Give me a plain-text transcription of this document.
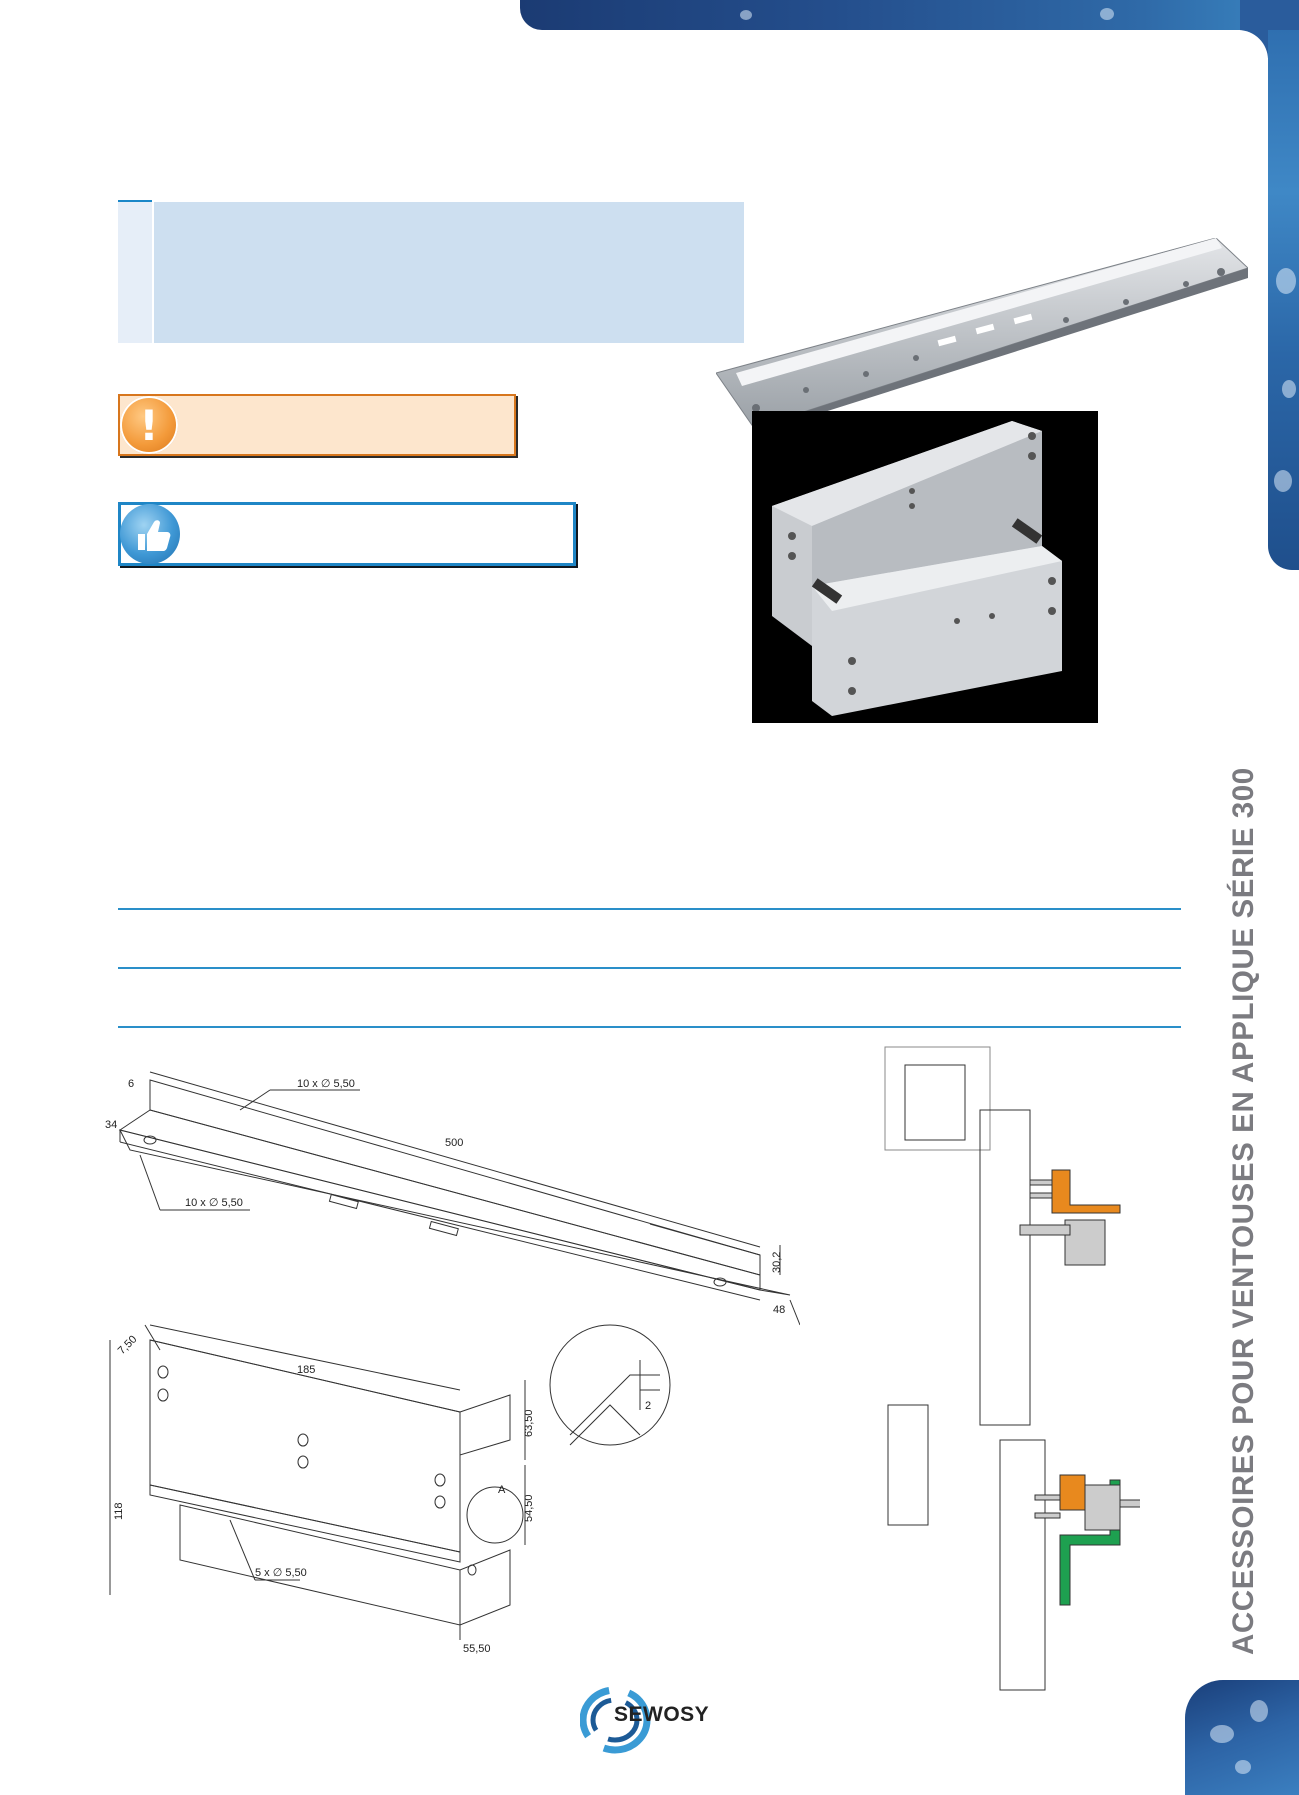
ACCESSOIRES POUR VENTOUSES EN APPLIQUE SÉRIE 300
!
10 x ∅ 5,50
10 x ∅ 5,50
500
6
34
30,2
48
7,50
185
118
63,50
54,50
55,50
5 x ∅ 5,50
A
2
SEWOSY
